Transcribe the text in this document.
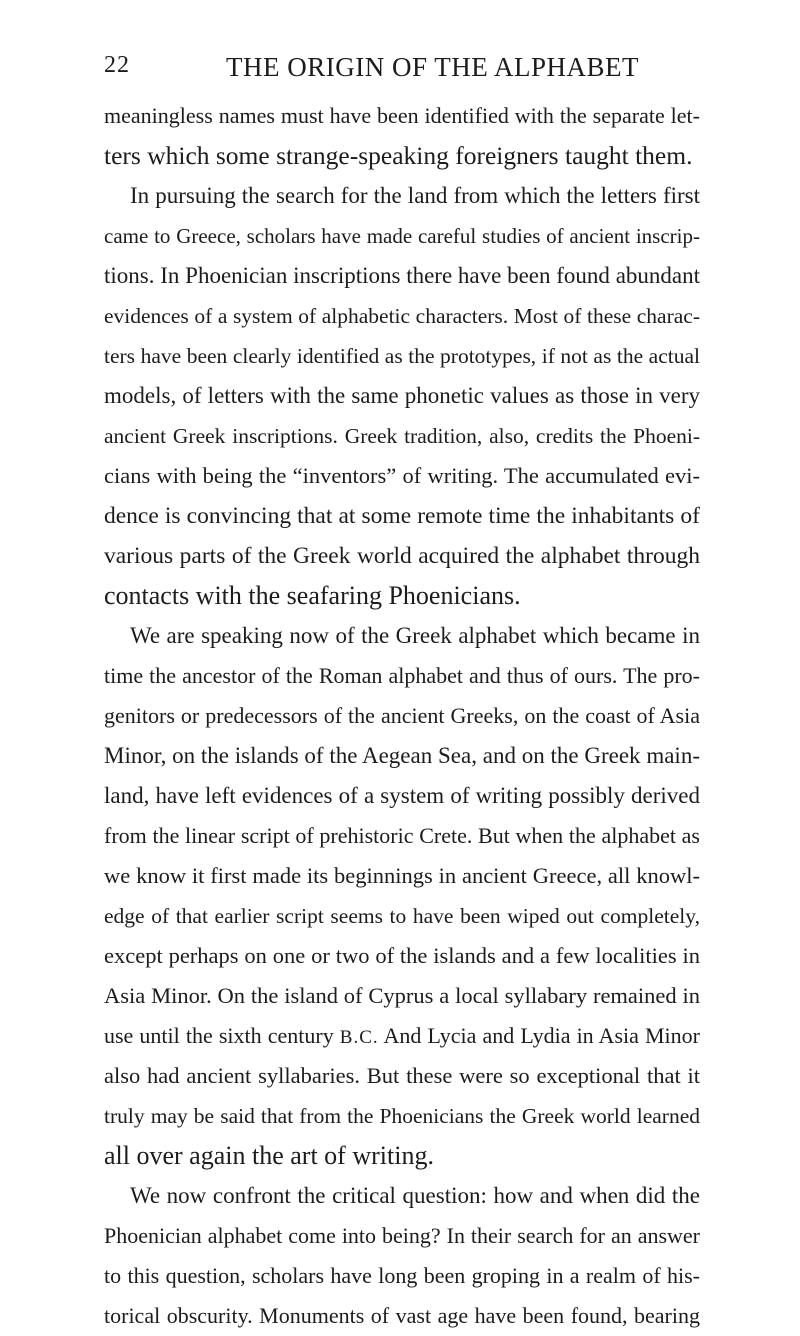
22	THE ORIGIN OF THE ALPHABET
meaningless names must have been identified with the separate let-
ters which some strange-speaking foreigners taught them.
In pursuing the search for the land from which the letters first
came to Greece, scholars have made careful studies of ancient inscrip-
tions. In Phoenician inscriptions there have been found abundant
evidences of a system of alphabetic characters. Most of these charac-
ters have been clearly identified as the prototypes, if not as the actual
models, of letters with the same phonetic values as those in very
ancient Greek inscriptions. Greek tradition, also, credits the Phoeni-
cians with being the “inventors” of writing. The accumulated evi-
dence is convincing that at some remote time the inhabitants of
various parts of the Greek world acquired the alphabet through
contacts with the seafaring Phoenicians.
We are speaking now of the Greek alphabet which became in
time the ancestor of the Roman alphabet and thus of ours. The pro-
genitors or predecessors of the ancient Greeks, on the coast of Asia
Minor, on the islands of the Aegean Sea, and on the Greek main-
land, have left evidences of a system of writing possibly derived
from the linear script of prehistoric Crete. But when the alphabet as
we know it first made its beginnings in ancient Greece, all knowl-
edge of that earlier script seems to have been wiped out completely,
except perhaps on one or two of the islands and a few localities in
Asia Minor. On the island of Cyprus a local syllabary remained in
use until the sixth century B.C. And Lycia and Lydia in Asia Minor
also had ancient syllabaries. But these were so exceptional that it
truly may be said that from the Phoenicians the Greek world learned
all over again the art of writing.
We now confront the critical question: how and when did the
Phoenician alphabet come into being? In their search for an answer
to this question, scholars have long been groping in a realm of his-
torical obscurity. Monuments of vast age have been found, bearing
